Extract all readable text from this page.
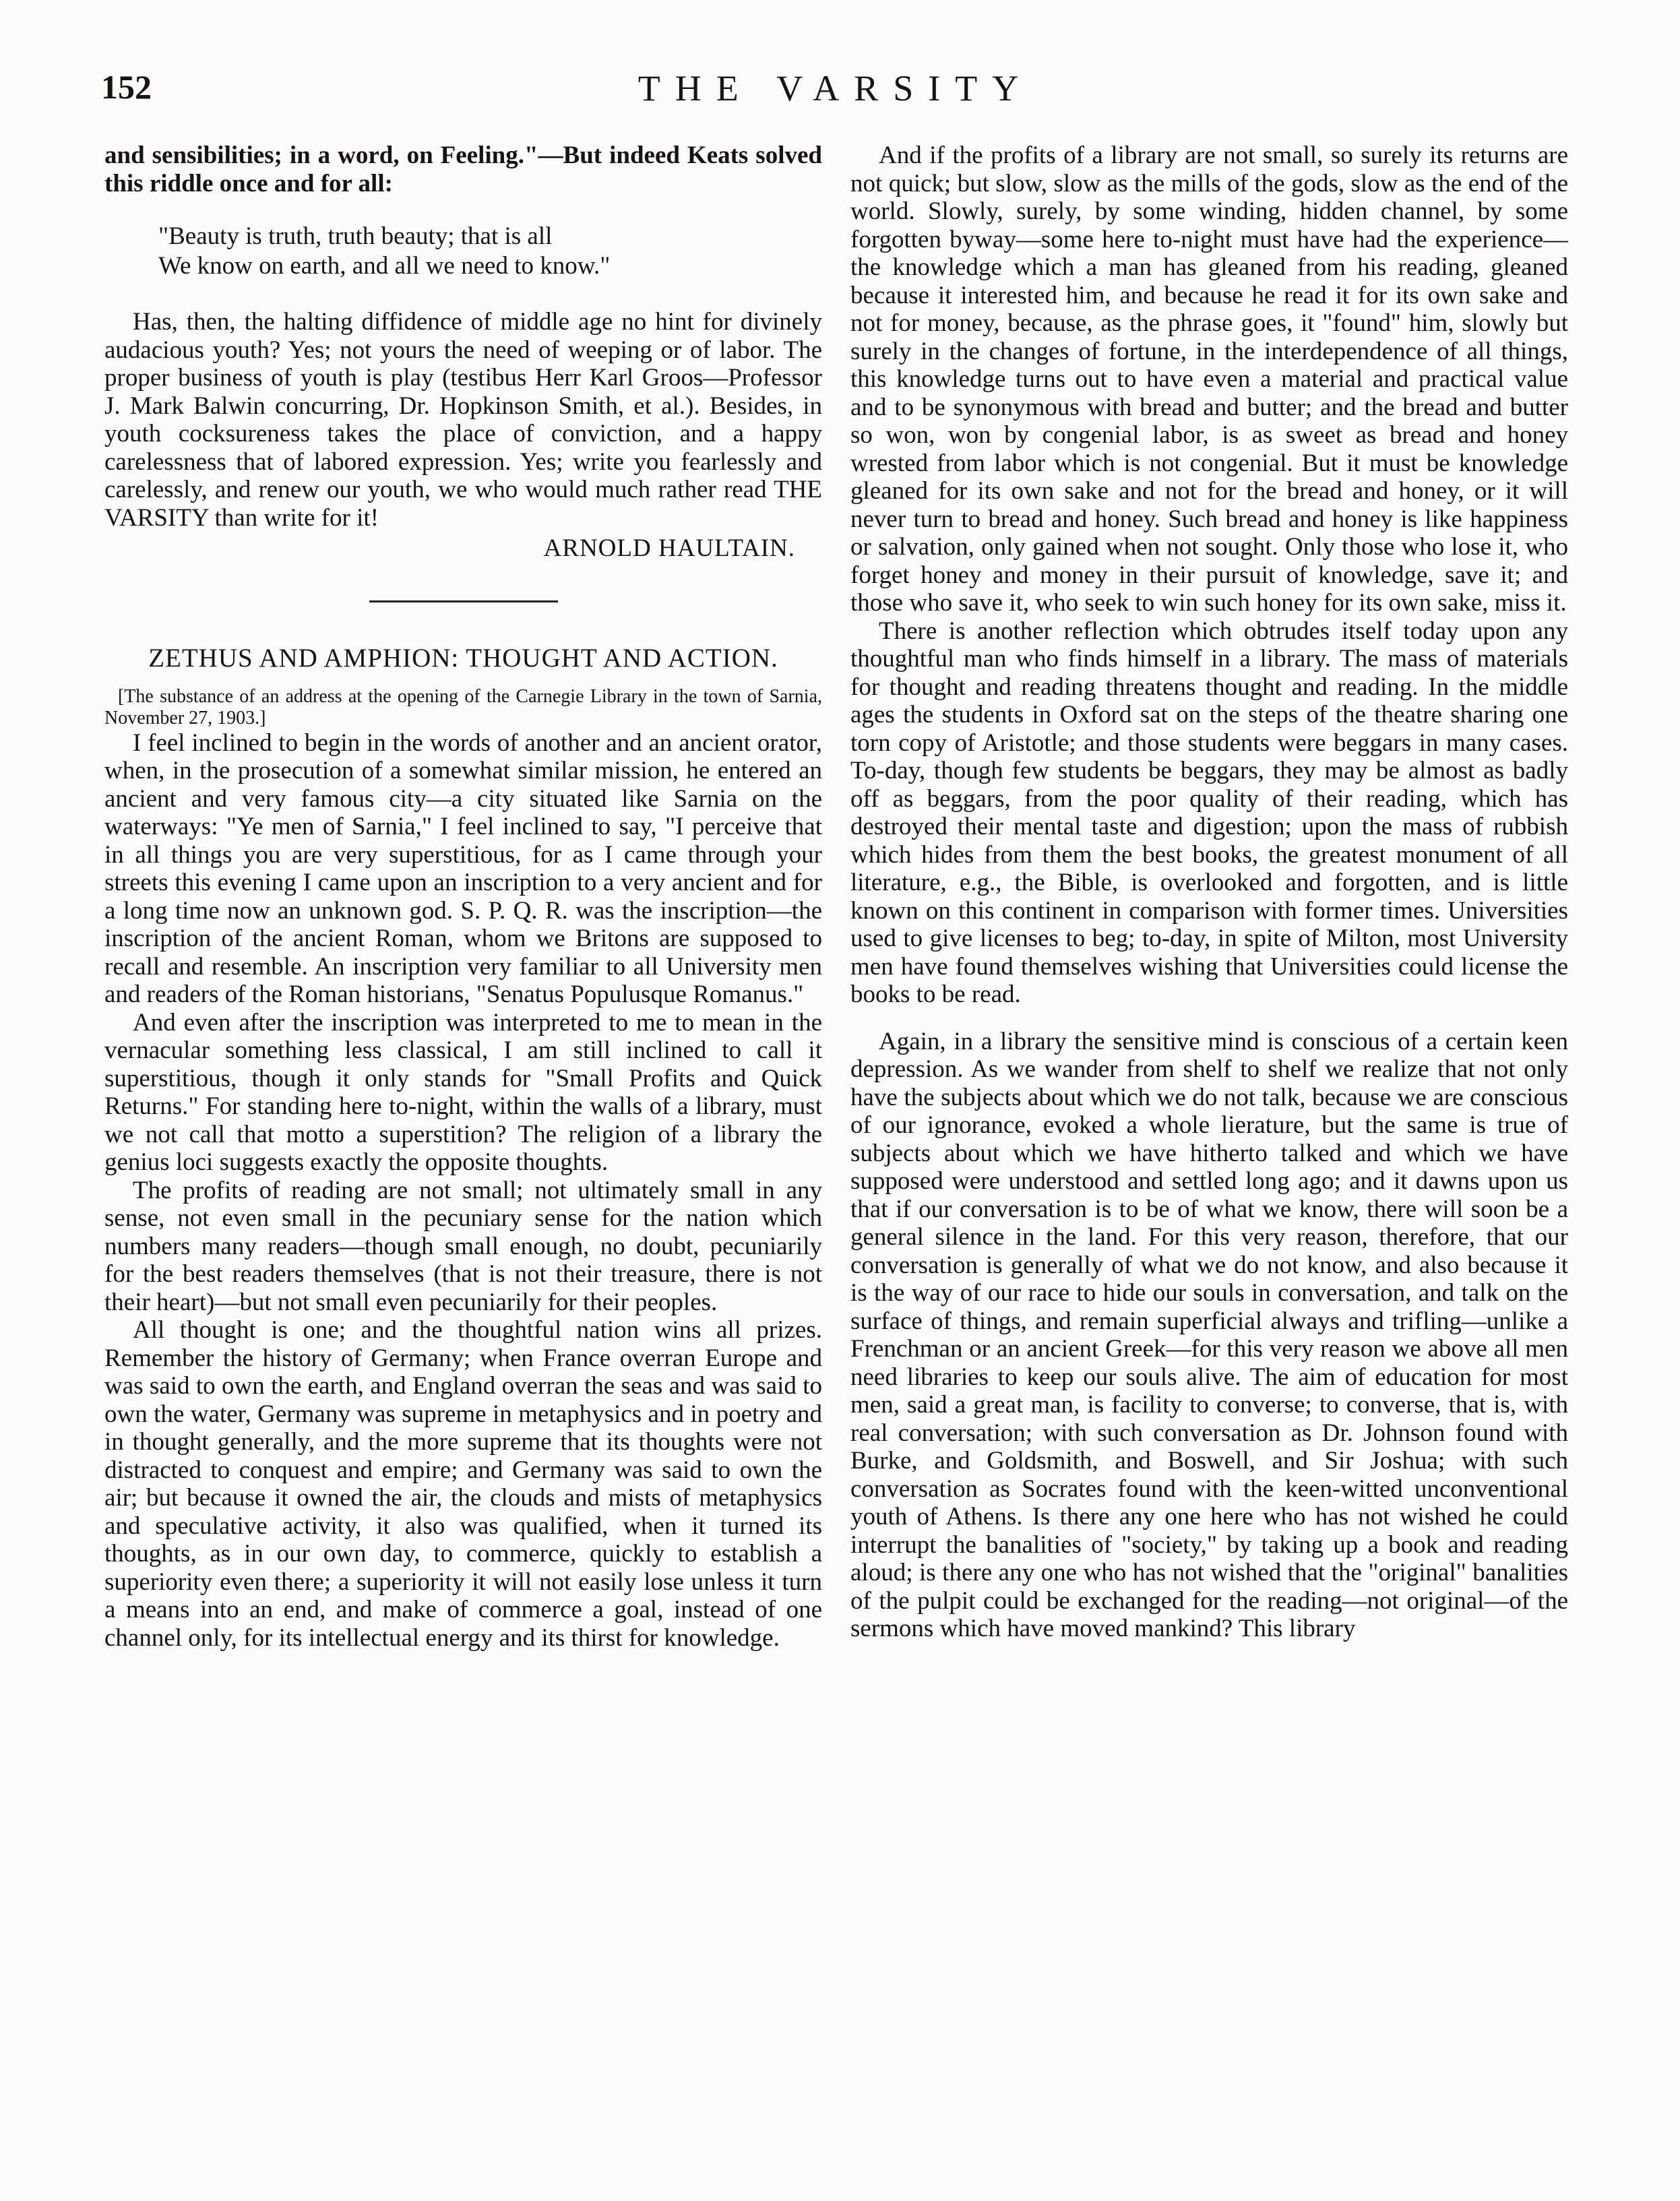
152	THE VARSITY

and sensibilities; in a word, on Feeling."—But indeed Keats solved this riddle once and for all:

"Beauty is truth, truth beauty; that is all
We know on earth, and all we need to know."

Has, then, the halting diffidence of middle age no hint for divinely audacious youth? Yes; not yours the need of weeping or of labor. The proper business of youth is play (testibus Herr Karl Groos—Professor J. Mark Balwin concurring, Dr. Hopkinson Smith, et al.). Besides, in youth cocksureness takes the place of conviction, and a happy carelessness that of labored expression. Yes; write you fearlessly and carelessly, and renew our youth, we who would much rather read THE VARSITY than write for it!

ARNOLD HAULTAIN.
ZETHUS AND AMPHION: THOUGHT AND ACTION.

[The substance of an address at the opening of the Carnegie Library in the town of Sarnia, November 27, 1903.]

I feel inclined to begin in the words of another and an ancient orator, when, in the prosecution of a somewhat similar mission, he entered an ancient and very famous city—a city situated like Sarnia on the waterways: "Ye men of Sarnia," I feel inclined to say, "I perceive that in all things you are very superstitious, for as I came through your streets this evening I came upon an inscription to a very ancient and for a long time now an unknown god. S. P. Q. R. was the inscription—the inscription of the ancient Roman, whom we Britons are supposed to recall and resemble. An inscription very familiar to all University men and readers of the Roman historians, "Senatus Populusque Romanus."

And even after the inscription was interpreted to me to mean in the vernacular something less classical, I am still inclined to call it superstitious, though it only stands for "Small Profits and Quick Returns." For standing here to-night, within the walls of a library, must we not call that motto a superstition? The religion of a library the genius loci suggests exactly the opposite thoughts.

The profits of reading are not small; not ultimately small in any sense, not even small in the pecuniary sense for the nation which numbers many readers—though small enough, no doubt, pecuniarily for the best readers themselves (that is not their treasure, there is not their heart)—but not small even pecuniarily for their peoples.

All thought is one; and the thoughtful nation wins all prizes. Remember the history of Germany; when France overran Europe and was said to own the earth, and England overran the seas and was said to own the water, Germany was supreme in metaphysics and in poetry and in thought generally, and the more supreme that its thoughts were not distracted to conquest and empire; and Germany was said to own the air; but because it owned the air, the clouds and mists of metaphysics and speculative activity, it also was qualified, when it turned its thoughts, as in our own day, to commerce, quickly to establish a superiority even there; a superiority it will not easily lose unless it turn a means into an end, and make of commerce a goal, instead of one channel only, for its intellectual energy and its thirst for knowledge.

And if the profits of a library are not small, so surely its returns are not quick; but slow, slow as the mills of the gods, slow as the end of the world. Slowly, surely, by some winding, hidden channel, by some forgotten byway—some here to-night must have had the experience—the knowledge which a man has gleaned from his reading, gleaned because it interested him, and because he read it for its own sake and not for money, because, as the phrase goes, it "found" him, slowly but surely in the changes of fortune, in the interdependence of all things, this knowledge turns out to have even a material and practical value and to be synonymous with bread and butter; and the bread and butter so won, won by congenial labor, is as sweet as bread and honey wrested from labor which is not congenial. But it must be knowledge gleaned for its own sake and not for the bread and honey, or it will never turn to bread and honey. Such bread and honey is like happiness or salvation, only gained when not sought. Only those who lose it, who forget honey and money in their pursuit of knowledge, save it; and those who save it, who seek to win such honey for its own sake, miss it.

There is another reflection which obtrudes itself today upon any thoughtful man who finds himself in a library. The mass of materials for thought and reading threatens thought and reading. In the middle ages the students in Oxford sat on the steps of the theatre sharing one torn copy of Aristotle; and those students were beggars in many cases. To-day, though few students be beggars, they may be almost as badly off as beggars, from the poor quality of their reading, which has destroyed their mental taste and digestion; upon the mass of rubbish which hides from them the best books, the greatest monument of all literature, e.g., the Bible, is overlooked and forgotten, and is little known on this continent in comparison with former times. Universities used to give licenses to beg; to-day, in spite of Milton, most University men have found themselves wishing that Universities could license the books to be read.

Again, in a library the sensitive mind is conscious of a certain keen depression. As we wander from shelf to shelf we realize that not only have the subjects about which we do not talk, because we are conscious of our ignorance, evoked a whole lierature, but the same is true of subjects about which we have hitherto talked and which we have supposed were understood and settled long ago; and it dawns upon us that if our conversation is to be of what we know, there will soon be a general silence in the land. For this very reason, therefore, that our conversation is generally of what we do not know, and also because it is the way of our race to hide our souls in conversation, and talk on the surface of things, and remain superficial always and trifling—unlike a Frenchman or an ancient Greek—for this very reason we above all men need libraries to keep our souls alive. The aim of education for most men, said a great man, is facility to converse; to converse, that is, with real conversation; with such conversation as Dr. Johnson found with Burke, and Goldsmith, and Boswell, and Sir Joshua; with such conversation as Socrates found with the keen-witted unconventional youth of Athens. Is there any one here who has not wished he could interrupt the banalities of "society," by taking up a book and reading aloud; is there any one who has not wished that the "original" banalities of the pulpit could be exchanged for the reading—not original—of the sermons which have moved mankind? This library
